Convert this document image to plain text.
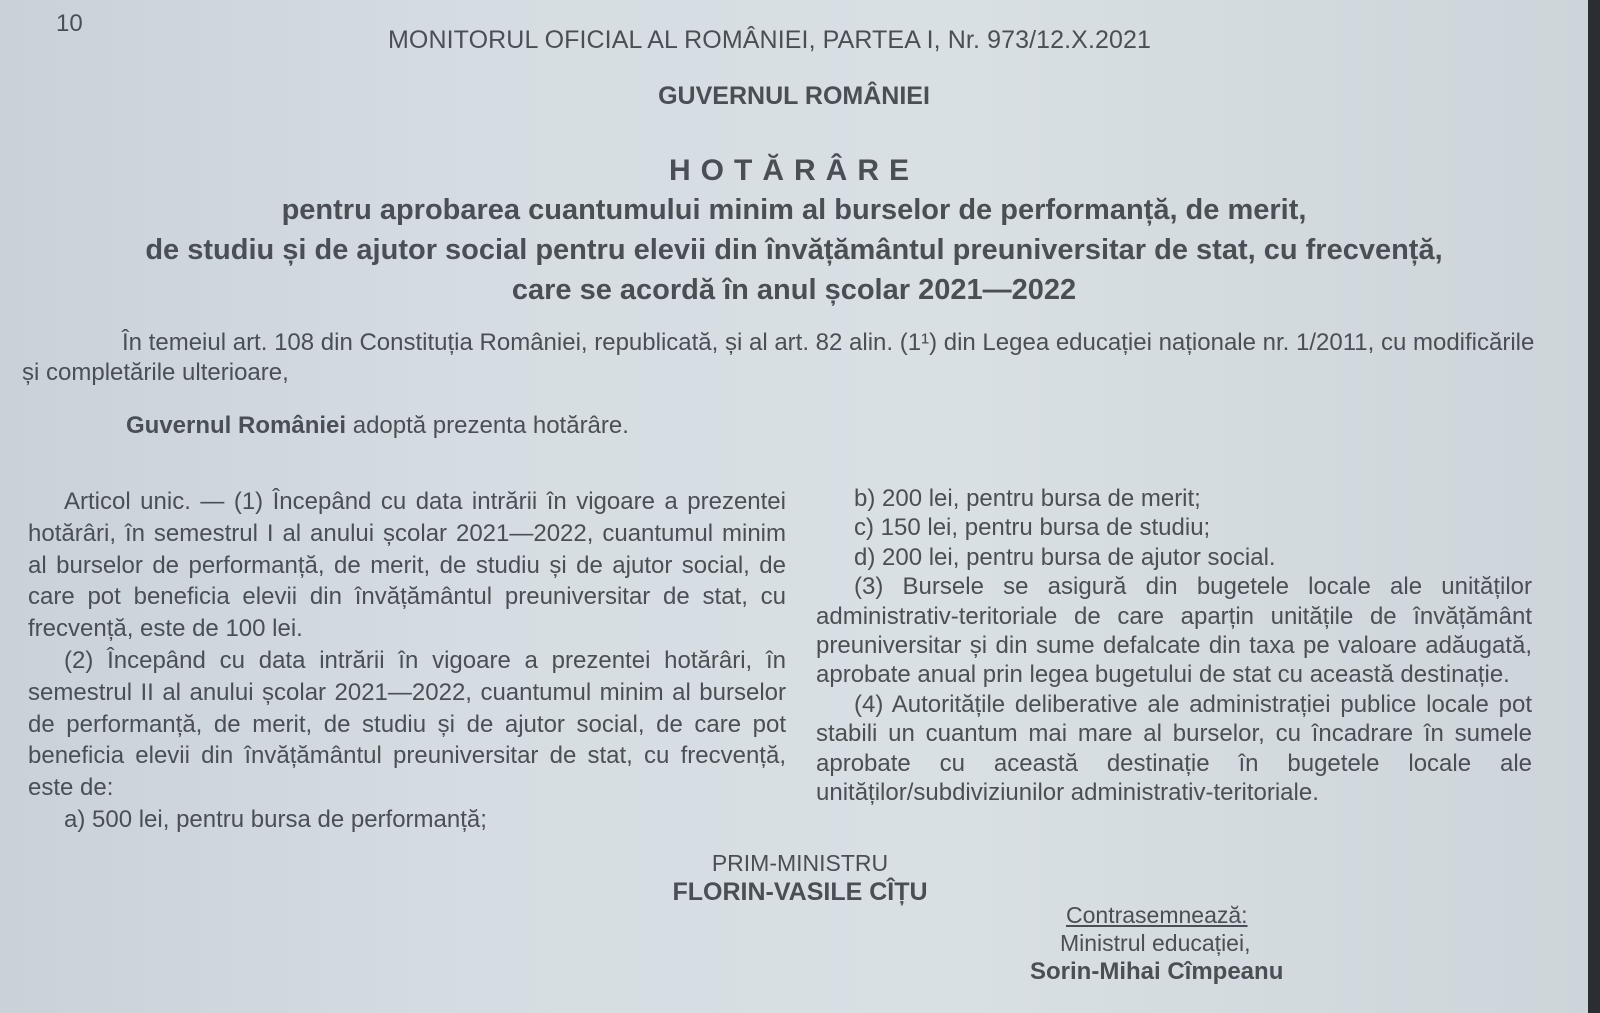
10
MONITORUL OFICIAL AL ROMÂNIEI, PARTEA I, Nr. 973/12.X.2021
GUVERNUL ROMÂNIEI
HOTĂRÂRE
pentru aprobarea cuantumului minim al burselor de performanță, de merit,
de studiu și de ajutor social pentru elevii din învățământul preuniversitar de stat, cu frecvență,
care se acordă în anul școlar 2021—2022
În temeiul art. 108 din Constituția României, republicată, și al art. 82 alin. (1¹) din Legea educației naționale nr. 1/2011, cu modificările și completările ulterioare,
Guvernul României adoptă prezenta hotărâre.

Articol unic. — (1) Începând cu data intrării în vigoare a prezentei hotărâri, în semestrul I al anului școlar 2021—2022, cuantumul minim al burselor de performanță, de merit, de studiu și de ajutor social, de care pot beneficia elevii din învățământul preuniversitar de stat, cu frecvență, este de 100 lei.

(2) Începând cu data intrării în vigoare a prezentei hotărâri, în semestrul II al anului școlar 2021—2022, cuantumul minim al burselor de performanță, de merit, de studiu și de ajutor social, de care pot beneficia elevii din învățământul preuniversitar de stat, cu frecvență, este de:

a) 500 lei, pentru bursa de performanță;

b) 200 lei, pentru bursa de merit;

c) 150 lei, pentru bursa de studiu;

d) 200 lei, pentru bursa de ajutor social.

(3) Bursele se asigură din bugetele locale ale unităților administrativ-teritoriale de care aparțin unitățile de învățământ preuniversitar și din sume defalcate din taxa pe valoare adăugată, aprobate anual prin legea bugetului de stat cu această destinație.

(4) Autoritățile deliberative ale administrației publice locale pot stabili un cuantum mai mare al burselor, cu încadrare în sumele aprobate cu această destinație în bugetele locale ale unităților/subdiviziunilor administrativ-teritoriale.

PRIM-MINISTRU
FLORIN-VASILE CÎȚU
Contrasemnează:
Ministrul educației,
Sorin-Mihai Cîmpeanu
